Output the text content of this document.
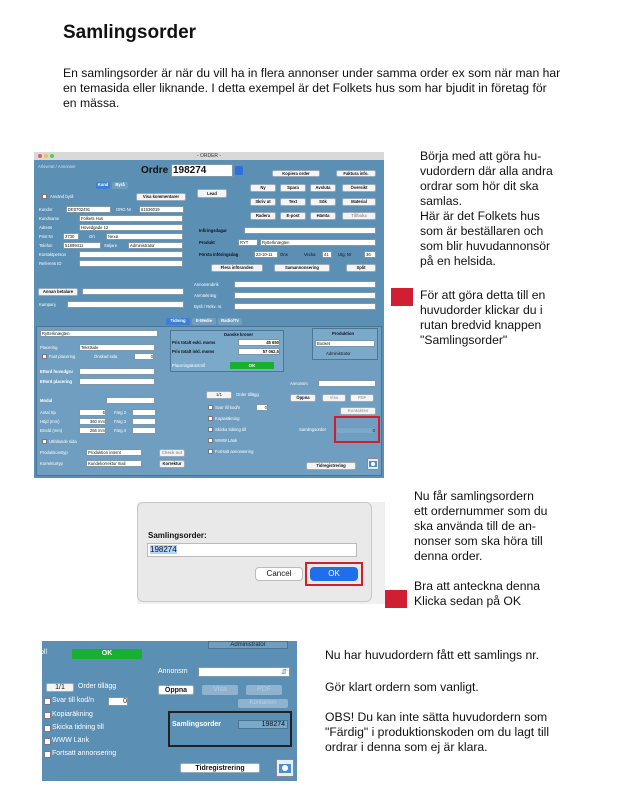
Samlingsorder

En samlingsorder är när du vill ha in flera annonser under samma order ex som när man har en temasida eller liknande. I detta exempel är det Folkets hus som har bjudit in företag för en mässa.

- ORDER -
Arkiverat / Annonser	Ordre 198274
Kund	Byrå
Använd byrå	Visa kommentarer
Kundnr	DE0702491	ORG Nr	61536019
Kundnamn	Folkets Hus
Adress	Hovedgade 12
Post Nr	3730	Ort	Nexø
Telefon	51899411	Säljare	Administrator
Kontaktperson
Referens ID
Lead
Kopiera order	Faktura info.
Ny	Spara	Avsluta	Översikt
Skriv ut	Text	Sök	Material
Radera	E-post	Hämta	Tillbaka
Infiringsdagar
Produkt	RYT	Rytterknægten
Första införingsdag	23-10-11	Ons	Vecka	41	Utg. Nr	36
Flera införanden	Samannonsering	Split
Annan betalare
Kampanj
Annonsrubrik
Anmärkning
Byrå / Rekv. nr.
Tidning	E-Medie	Radio/Tv
Rytterknægten
Placering	Tekstside
Fast placering	Önskad sida	0
Ettord huvudgru
Ettord placering
Modul
Antal Sp	6 Färg 2
Höjd (mm)	360 mm Färg 3
Bredd (mm)	266 mm Färg 4
Utfallande sida
Produktionstyp	Produktion internt	Check out
Korrekturtyp	Kundekorrektur mail	Korrektur
Danske kroner
Pris totalt exkl. moms	45 650
Pris totalt inkl. moms	57 062,5
Placeringskontroll	OK
Produktion
Booket
Administrator
Annonsm
Öppna	Visa	PDF
Kontakten
1/1	Order tillägg
Svar till kod/n	0
Kopiaräkning
Skicka tidning till
WWW Länk
Fortsatt annonsering
Samlingsorder	0
Tidregistrering
Börja med att göra hu-
vudordern där alla andra
ordrar som hör dit ska
samlas.
Här är det Folkets hus
som är beställaren och
som blir huvudannonsör
på en helsida.
För att göra detta till en
huvudorder klickar du i
rutan bredvid knappen
"Samlingsorder"
Samlingsorder:
198274
Cancel	OK
Nu får samlingsordern
ett ordernummer som du
ska använda till de an-
nonser som ska höra till
denna order.
Bra att anteckna denna
Klicka sedan på OK
Administrator
oll	OK
Annonsm	⇵
1/1	Order tillägg
Öppna	Visa	PDF
Kontakten
Svar till kod/n	0
Kopiaräkning
Skicka tidning till
WWW Länk
Fortsatt annonsering
Samlingsorder	198274
Tidregistrering
Nu har huvudordern fått ett samlings nr.
Gör klart ordern som vanligt.
OBS! Du kan inte sätta huvudordern som "Färdig" i produktionskoden om du lagt till ordrar i denna som ej är klara.
